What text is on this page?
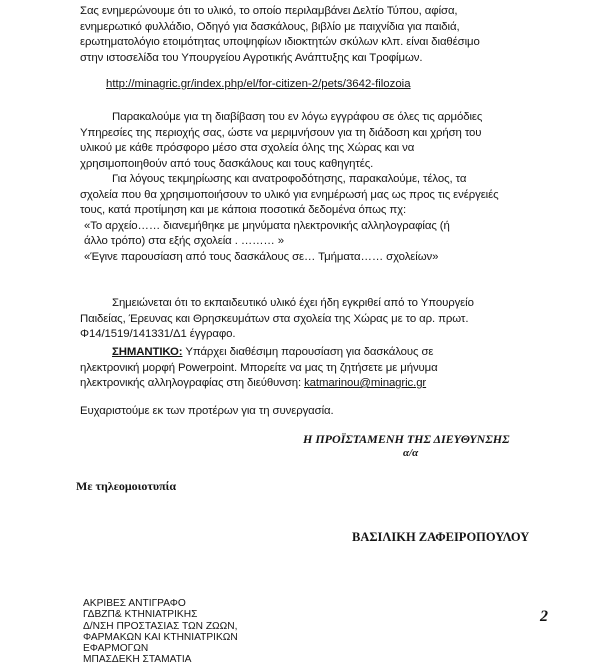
Σας ενημερώνουμε ότι το υλικό, το οποίο περιλαμβάνει Δελτίο Τύπου, αφίσα,
ενημερωτικό φυλλάδιο, Οδηγό για δασκάλους, βιβλίο με παιχνίδια για παιδιά,
ερωτηματολόγιο ετοιμότητας υποψηφίων ιδιοκτητών σκύλων κλπ. είναι διαθέσιμο
στην ιστοσελίδα του Υπουργείου Αγροτικής Ανάπτυξης και Τροφίμων.

http://minagric.gr/index.php/el/for-citizen-2/pets/3642-filozoia

Παρακαλούμε για τη διαβίβαση του εν λόγω εγγράφου σε όλες τις αρμόδιες
Υπηρεσίες της περιοχής σας, ώστε να μεριμνήσουν για τη διάδοση και χρήση του
υλικού με κάθε πρόσφορο μέσο στα σχολεία όλης της Χώρας και να
χρησιμοποιηθούν από τους δασκάλους και τους καθηγητές.

Για λόγους τεκμηρίωσης και ανατροφοδότησης, παρακαλούμε, τέλος, τα
σχολεία που θα χρησιμοποιήσουν το υλικό για ενημέρωσή μας ως προς τις ενέργειές
τους, κατά προτίμηση και με κάποια ποσοτικά δεδομένα όπως πχ:
«Το αρχείο…… διανεμήθηκε με μηνύματα ηλεκτρονικής αλληλογραφίας (ή
άλλο τρόπο) στα εξής σχολεία . ……… »
«Έγινε παρουσίαση από τους δασκάλους σε… Τμήματα…… σχολείων»

Σημειώνεται ότι το εκπαιδευτικό υλικό έχει ήδη εγκριθεί από το Υπουργείο
Παιδείας, Έρευνας και Θρησκευμάτων στα σχολεία της Χώρας με το αρ. πρωτ.
Φ14/1519/141331/Δ1 έγγραφο.

ΣΗΜΑΝΤΙΚΟ: Υπάρχει διαθέσιμη παρουσίαση για δασκάλους σε
ηλεκτρονική μορφή Powerpoint. Μπορείτε να μας τη ζητήσετε με μήνυμα
ηλεκτρονικής αλληλογραφίας στη διεύθυνση: katmarinou@minagric.gr

Ευχαριστούμε εκ των προτέρων για τη συνεργασία.

Η ΠΡΟΪΣΤΑΜΕΝΗ ΤΗΣ ΔΙΕΥΘΥΝΣΗΣ
α/α
Με τηλεομοιοτυπία
ΒΑΣΙΛΙΚΗ ΖΑΦΕΙΡΟΠΟΥΛΟΥ
ΑΚΡΙΒΕΣ ΑΝΤΙΓΡΑΦΟ
ΓΔΒΖΠ& ΚΤΗΝΙΑΤΡΙΚΗΣ
Δ/ΝΣΗ ΠΡΟΣΤΑΣΙΑΣ ΤΩΝ ΖΩΩΝ,
ΦΑΡΜΑΚΩΝ ΚΑΙ ΚΤΗΝΙΑΤΡΙΚΩΝ
ΕΦΑΡΜΟΓΩΝ
ΜΠΑΣΔΕΚΗ ΣΤΑΜΑΤΙΑ
2
